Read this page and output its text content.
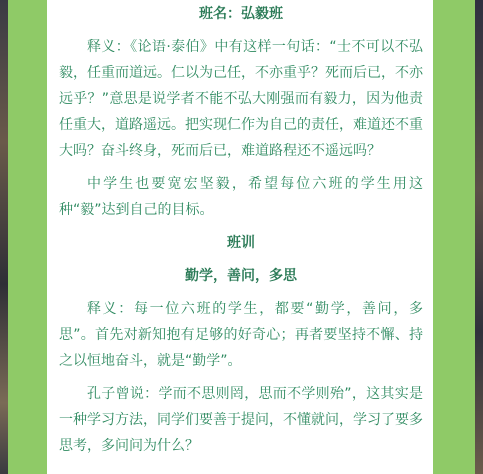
班名：弘毅班

释义：《论语·泰伯》中有这样一句话：“士不可以不弘毅，任重而道远。仁以为己任，不亦重乎？死而后已，不亦远乎？”意思是说学者不能不弘大刚强而有毅力，因为他责任重大，道路遥远。把实现仁作为自己的责任，难道还不重大吗？奋斗终身，死而后已，难道路程还不遥远吗？

中学生也要宽宏坚毅，希望每位六班的学生用这种“毅”达到自己的目标。

班训

勤学，善问，多思

释义：每一位六班的学生，都要“勤学，善问，多思”。首先对新知抱有足够的好奇心；再者要坚持不懈、持之以恒地奋斗，就是“勤学”。

孔子曾说：学而不思则罔，思而不学则殆”，这其实是一种学习方法，同学们要善于提问，不懂就问，学习了要多思考，多问问为什么？
